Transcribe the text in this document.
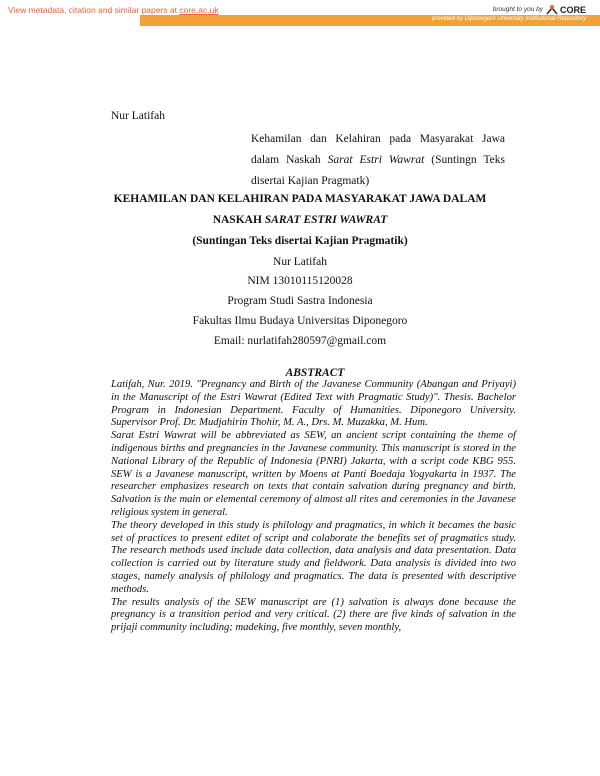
View metadata, citation and similar papers at core.ac.uk	brought to you by CORE
provided by Diponegoro University Institutional Repository
Nur Latifah
Kehamilan dan Kelahiran pada Masyarakat Jawa dalam Naskah Sarat Estri Wawrat (Suntingn Teks disertai Kajian Pragmatk)
KEHAMILAN DAN KELAHIRAN PADA MASYARAKAT JAWA DALAM
NASKAH SARAT ESTRI WAWRAT
(Suntingan Teks disertai Kajian Pragmatik)
Nur Latifah
NIM 13010115120028
Program Studi Sastra Indonesia
Fakultas Ilmu Budaya Universitas Diponegoro
Email: nurlatifah280597@gmail.com
ABSTRACT

Latifah, Nur. 2019. "Pregnancy and Birth of the Javanese Community (Abangan and Priyayi) in the Manuscript of the Estri Wawrat (Edited Text with Pragmatic Study)". Thesis. Bachelor Program in Indonesian Department. Faculty of Humanities. Diponegoro University. Supervisor Prof. Dr. Mudjahirin Thohir, M. A., Drs. M. Muzakka, M. Hum.

Sarat Estri Wawrat will be abbreviated as SEW, an ancient script containing the theme of indigenous births and pregnancies in the Javanese community. This manuscript is stored in the National Library of the Republic of Indonesia (PNRI) Jakarta, with a script code KBG 955. SEW is a Javanese manuscript, written by Moens at Panti Boedaja Yogyakarta in 1937. The researcher emphasizes research on texts that contain salvation during pregnancy and birth. Salvation is the main or elemental ceremony of almost all rites and ceremonies in the Javanese religious system in general.

The theory developed in this study is philology and pragmatics, in which it becames the basic set of practices to present editet of script and colaborate the benefits set of pragmatics study. The research methods used include data collection, data analysis and data presentation. Data collection is carried out by literature study and fieldwork. Data analysis is divided into two stages, namely analysis of philology and pragmatics. The data is presented with descriptive methods.

The results analysis of the SEW manuscript are (1) salvation is always done because the pregnancy is a transition period and very critical. (2) there are five kinds of salvation in the prijaji community including; madeking, five monthly, seven monthly,
